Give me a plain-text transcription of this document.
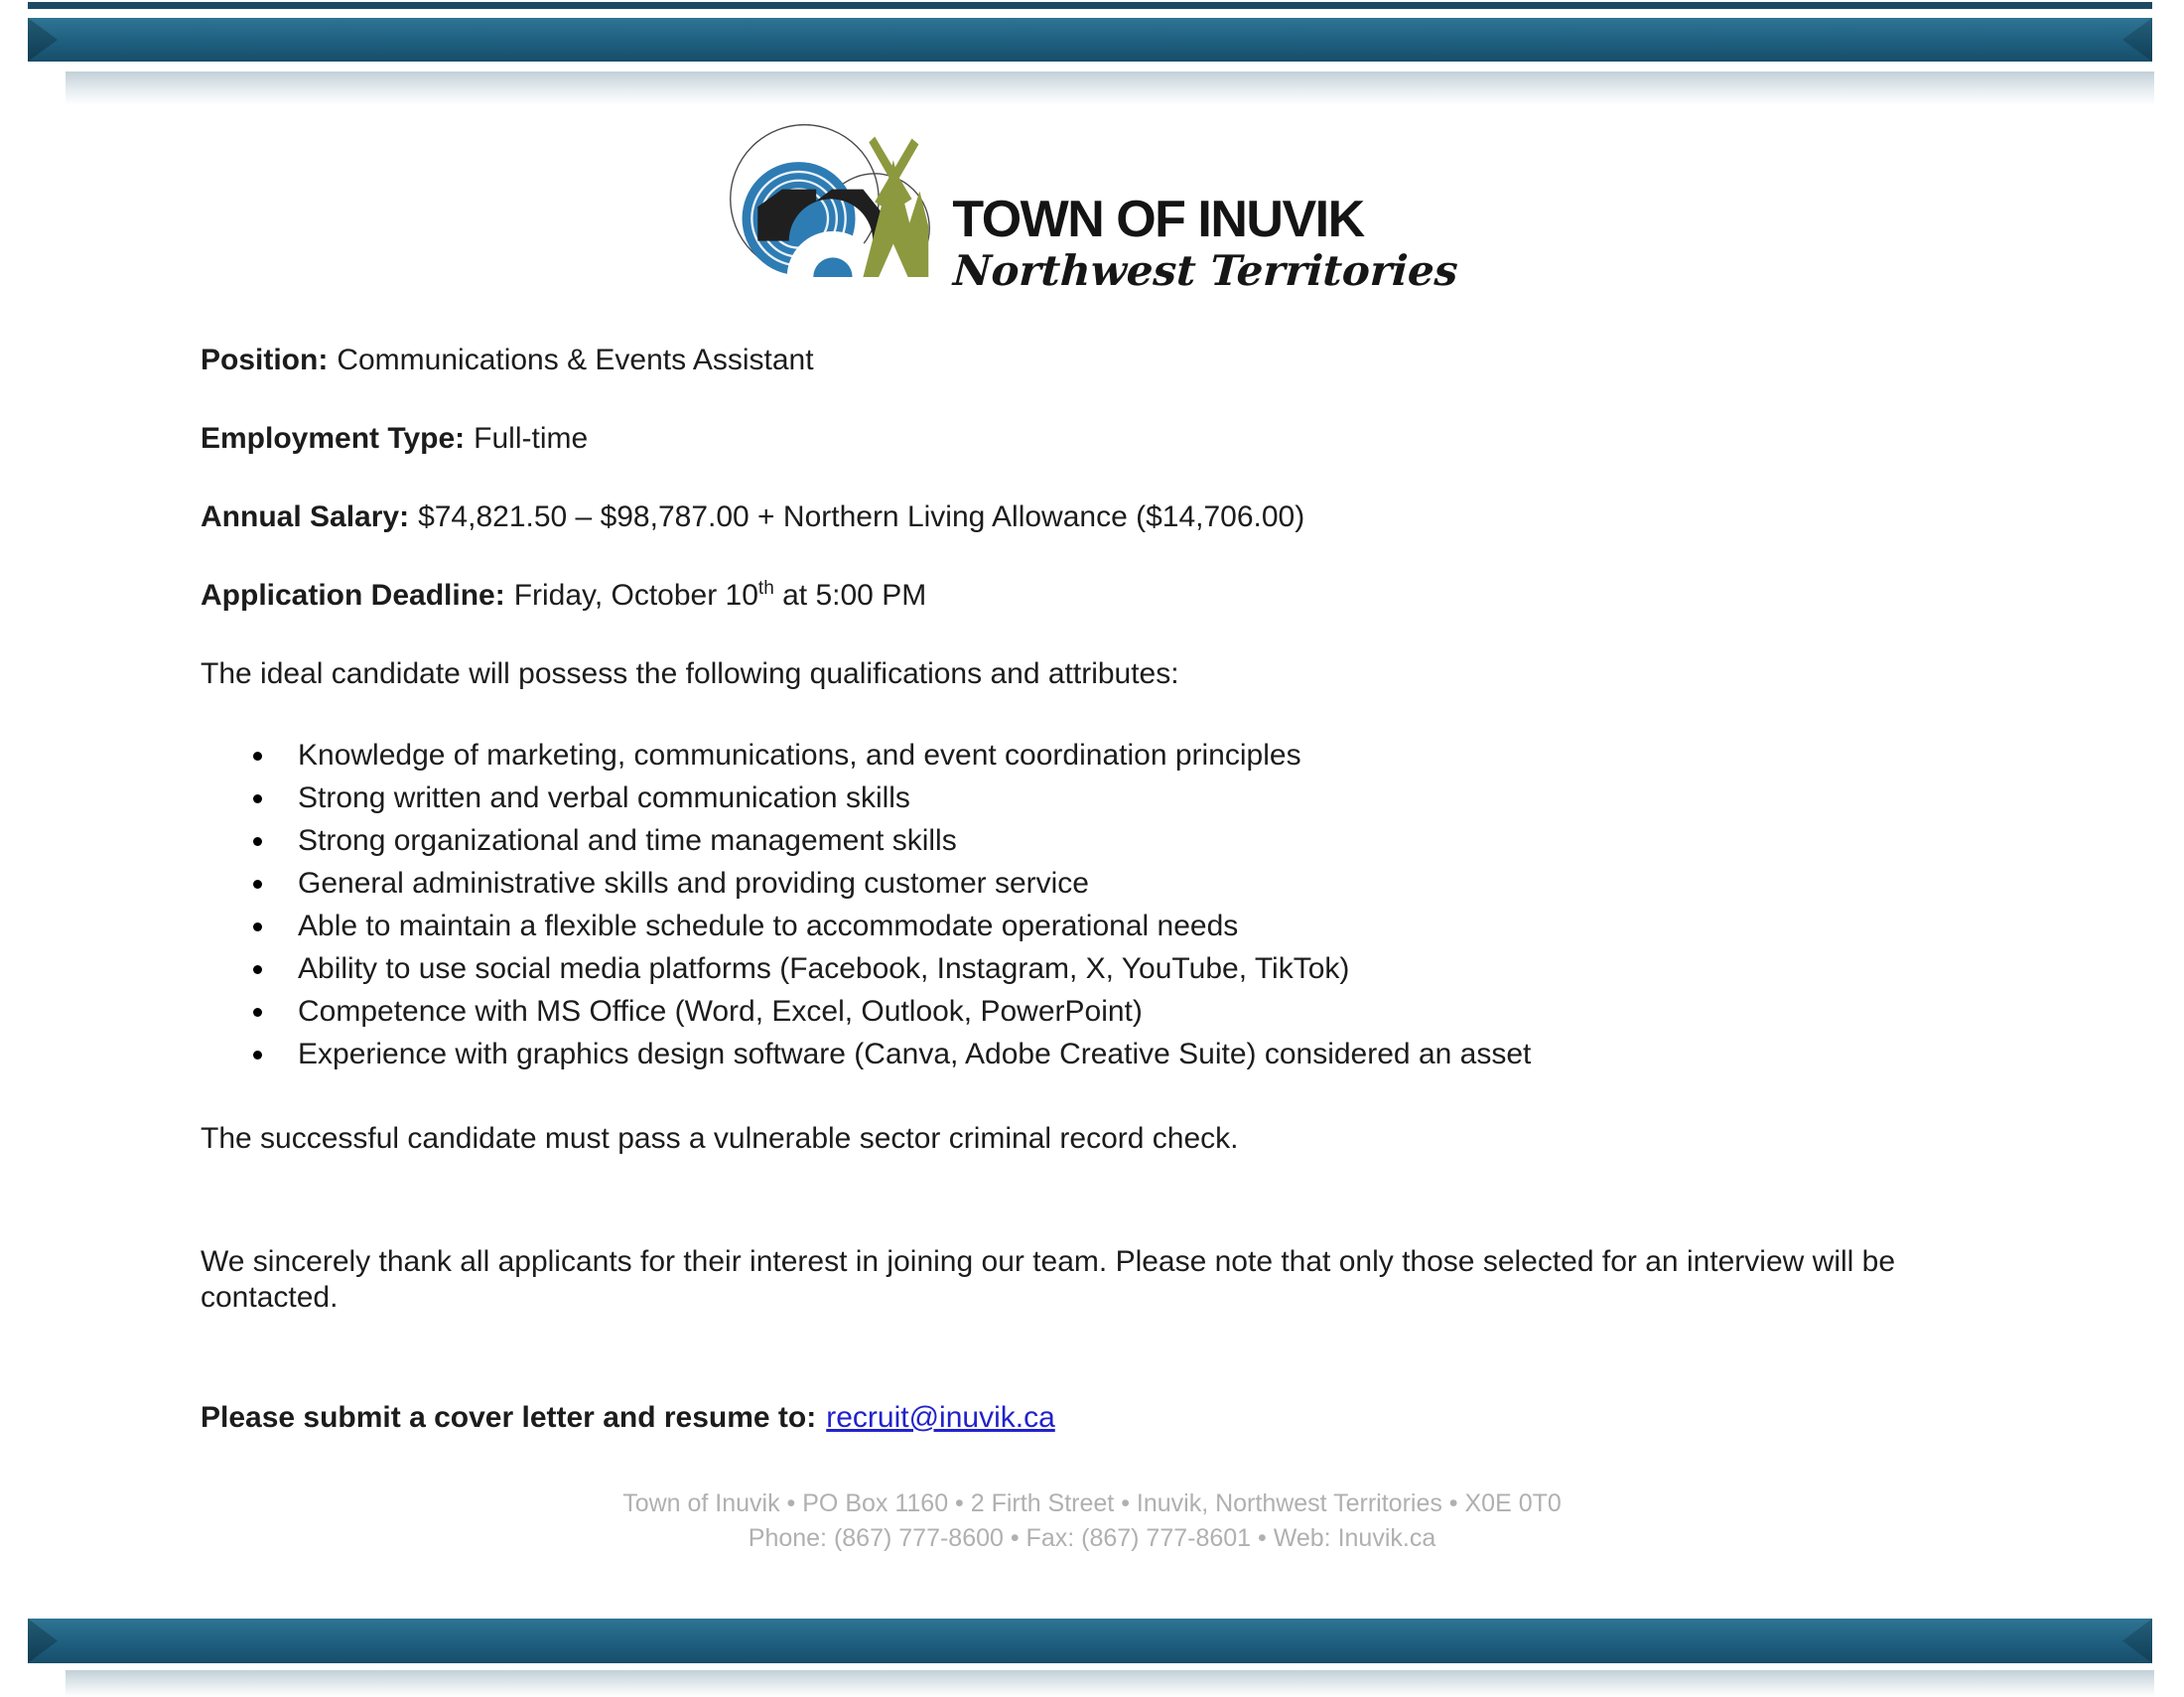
TOWN OF INUVIK
Northwest Territories

Position: Communications & Events Assistant

Employment Type: Full-time

Annual Salary: $74,821.50 – $98,787.00 + Northern Living Allowance ($14,706.00)

Application Deadline: Friday, October 10th at 5:00 PM

The ideal candidate will possess the following qualifications and attributes:

Knowledge of marketing, communications, and event coordination principles
Strong written and verbal communication skills
Strong organizational and time management skills
General administrative skills and providing customer service
Able to maintain a flexible schedule to accommodate operational needs
Ability to use social media platforms (Facebook, Instagram, X, YouTube, TikTok)
Competence with MS Office (Word, Excel, Outlook, PowerPoint)
Experience with graphics design software (Canva, Adobe Creative Suite) considered an asset

The successful candidate must pass a vulnerable sector criminal record check.

We sincerely thank all applicants for their interest in joining our team. Please note that only those selected for an interview will be contacted.

Please submit a cover letter and resume to: recruit@inuvik.ca

Town of Inuvik • PO Box 1160 • 2 Firth Street • Inuvik, Northwest Territories • X0E 0T0
Phone: (867) 777-8600 • Fax: (867) 777-8601 • Web: Inuvik.ca
